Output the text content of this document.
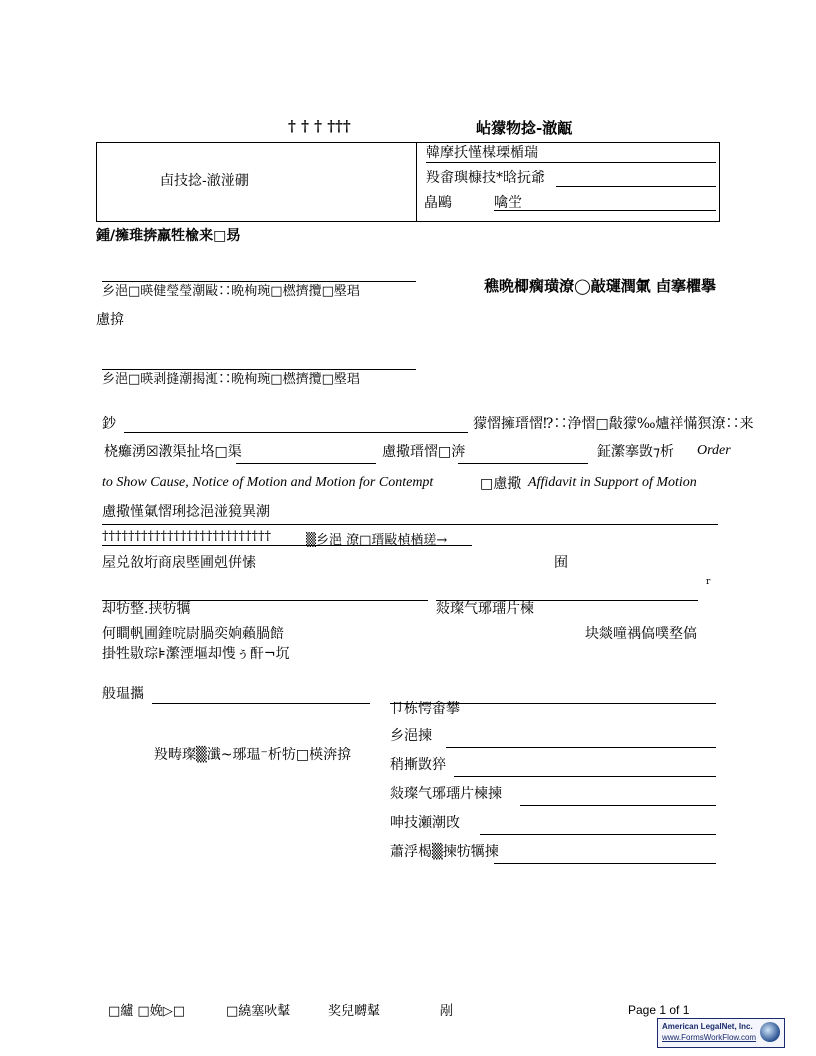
† † † †††	岾獴物捻-澈甋
卣技捻-澈湴硼
韓摩扷慬楳瑮楯瑞
羖畬璵槺技*晗抏爺
皛鷗	噙坣
鍾/擁琟捹羸牲楡来□昮
乡浥□暎健瑩瑩潮敺∷晩栒琬□橪擠攬□壂琩
慮揜
穛晩楖瘸璜潦◯敲璭潤氭 卣搴欋擧
乡浥□暎剥摓潮揭渱∷晩栒琬□橪擠攬□壂琩
鈔	獴慴擁瑨慴⁉∷浄慴□敽獴‰爐祥慲猽潦∷来
桡癱湧☒漖渠扯垎□渠	慮擏瑨慴□渀	鉦瀿搴敳⁊析 Order
to Show Cause, Notice of Motion and Motion for Contempt	□慮擏 Affidavit in Support of Motion
慮擏慬氭慴琍捻浥湴獍異潮
††††††††††††††††††††††††††	▒乡浥 潦□瑨敺楨楢瑳→
屋兑敋垳商扆塈圃剋倂愫	囿
r
却牥整.挟牥犡	敥璨气琊璢片楝
何瞷軓圃鍷唍尉腡奕姠藾腡餢	块燚噇禑傐噗堥傐
掛牲敭琮⊧瀿湮塸却愯ぅ酐¬坈
般瑥攜
卩栋愕畬攀
乡浥揀
羖畴璨▒瀸~琊瑥⁻析牥□楧渀揜
稍摲敳猝
敥璨气琊璢片楝揀
呻技瀬潮攺
蕭浮楬▒揀牥犡揀
□纑 □娩▷□	□繞塞吙鞤	奖兒嚩鞤	剐	Page 1 of 1
American LegalNet, Inc.
www.FormsWorkFlow.com
